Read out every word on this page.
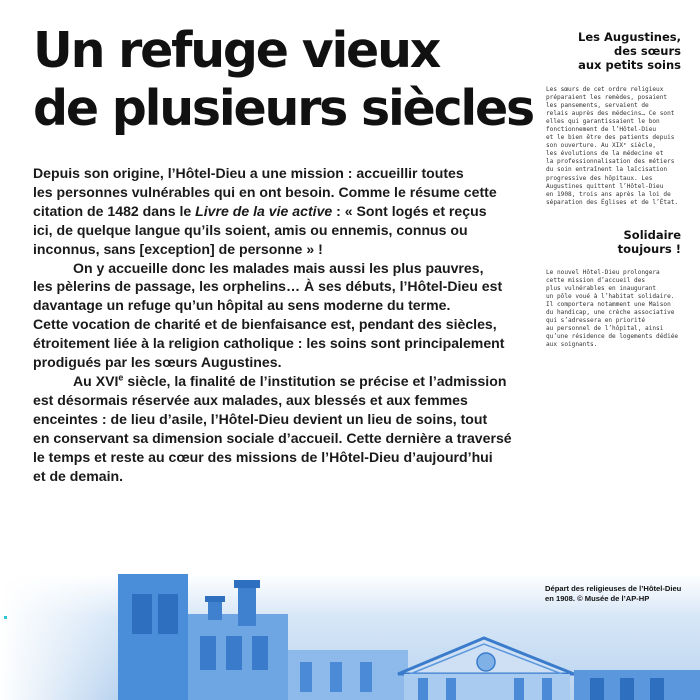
Un refuge vieux
de plusieurs siècles

Depuis son origine, l’Hôtel-Dieu a une mission : accueillir toutes
les personnes vulnérables qui en ont besoin. Comme le résume cette
citation de 1482 dans le Livre de la vie active : « Sont logés et reçus
ici, de quelque langue qu’ils soient, amis ou ennemis, connus ou
inconnus, sans [exception] de personne » !

On y accueille donc les malades mais aussi les plus pauvres,
les pèlerins de passage, les orphelins… À ses débuts, l’Hôtel-Dieu est
davantage un refuge qu’un hôpital au sens moderne du terme.
Cette vocation de charité et de bienfaisance est, pendant des siècles,
étroitement liée à la religion catholique : les soins sont principalement
prodigués par les sœurs Augustines.

Au XVIe siècle, la finalité de l’institution se précise et l’admission
est désormais réservée aux malades, aux blessés et aux femmes
enceintes : de lieu d’asile, l’Hôtel-Dieu devient un lieu de soins, tout
en conservant sa dimension sociale d’accueil. Cette dernière a traversé
le temps et reste au cœur des missions de l’Hôtel-Dieu d’aujourd’hui
et de demain.

Les Augustines,
des sœurs
aux petits soins

Les sœurs de cet ordre religieux
préparaient les remèdes, posaient
les pansements, servaient de
relais auprès des médecins… Ce sont
elles qui garantissaient le bon
fonctionnement de l’Hôtel-Dieu
et le bien être des patients depuis
son ouverture. Au XIXᵉ siècle,
les évolutions de la médecine et
la professionnalisation des métiers
du soin entraînent la laïcisation
progressive des hôpitaux. Les
Augustines quittent l’Hôtel-Dieu
en 1908, trois ans après la loi de
séparation des Églises et de l’État.

Solidaire
toujours !

Le nouvel Hôtel-Dieu prolongera
cette mission d’accueil des
plus vulnérables en inaugurant
un pôle voué à l’habitat solidaire.
Il comportera notamment une Maison
du handicap, une crèche associative
qui s’adressera en priorité
au personnel de l’hôpital, ainsi
qu’une résidence de logements dédiée
aux soignants.

Départ des religieuses de l’Hôtel-Dieu
en 1908. © Musée de l’AP-HP
